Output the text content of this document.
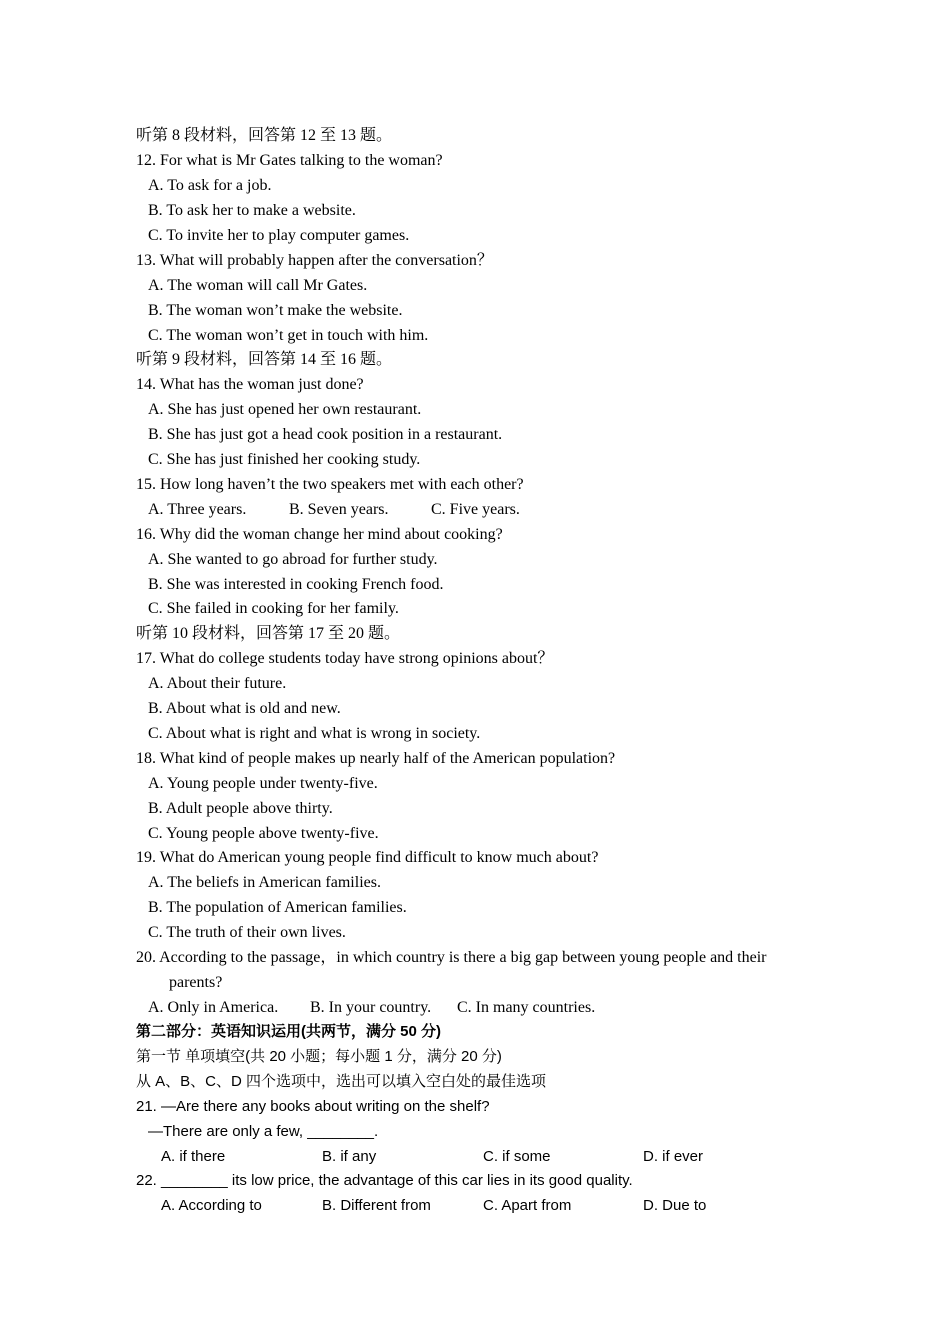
听第 8 段材料，回答第 12 至 13 题。
12. For what is Mr Gates talking to the woman?
A. To ask for a job.
B. To ask her to make a website.
C. To invite her to play computer games.
13. What will probably happen after the conversation？
A. The woman will call Mr Gates.
B. The woman won’t make the website.
C. The woman won’t get in touch with him.
听第 9 段材料，回答第 14 至 16 题。
14. What has the woman just done?
A. She has just opened her own restaurant.
B. She has just got a head cook position in a restaurant.
C. She has just finished her cooking study.
15. How long haven’t the two speakers met with each other?
A. Three years.	B. Seven years.	C. Five years.
16. Why did the woman change her mind about cooking?
A. She wanted to go abroad for further study.
B. She was interested in cooking French food.
C. She failed in cooking for her family.
听第 10 段材料，回答第 17 至 20 题。
17. What do college students today have strong opinions about？
A. About their future.
B. About what is old and new.
C. About what is right and what is wrong in society.
18. What kind of people makes up nearly half of the American population?
A. Young people under twenty-five.
B. Adult people above thirty.
C. Young people above twenty-five.
19. What do American young people find difficult to know much about?
A. The beliefs in American families.
B. The population of American families.
C. The truth of their own lives.
20. According to the passage，in which country is there a big gap between young people and their
parents?
A. Only in America. B. In your country. C. In many countries.
第二部分：英语知识运用(共两节，满分 50 分)
第一节 单项填空(共 20 小题；每小题 1 分，满分 20 分)
从 A、B、C、D 四个选项中，选出可以填入空白处的最佳选项
21. —Are there any books about writing on the shelf?
—There are only a few, ________.
A. if there	B. if any	C. if some	D. if ever
22. ________ its low price, the advantage of this car lies in its good quality.
A. According to	B. Different from	C. Apart from	D. Due to
